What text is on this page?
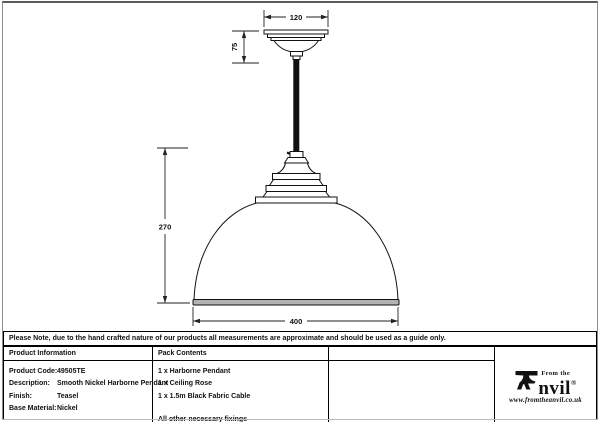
120
75
270
400
Please Note, due to the hand crafted nature of our products all measurements are approximate and should be used as a guide only.
Product Information	Pack Contents
From the
nvil®
www.fromtheanvil.co.uk
Product Code: 49505TE
Description:	Smooth Nickel Harborne Pendant
Finish:	Teasel
Base Material: Nickel
1 x Harborne Pendant
1 x Ceiling Rose
1 x 1.5m Black Fabric Cable
All other necessary fixings
